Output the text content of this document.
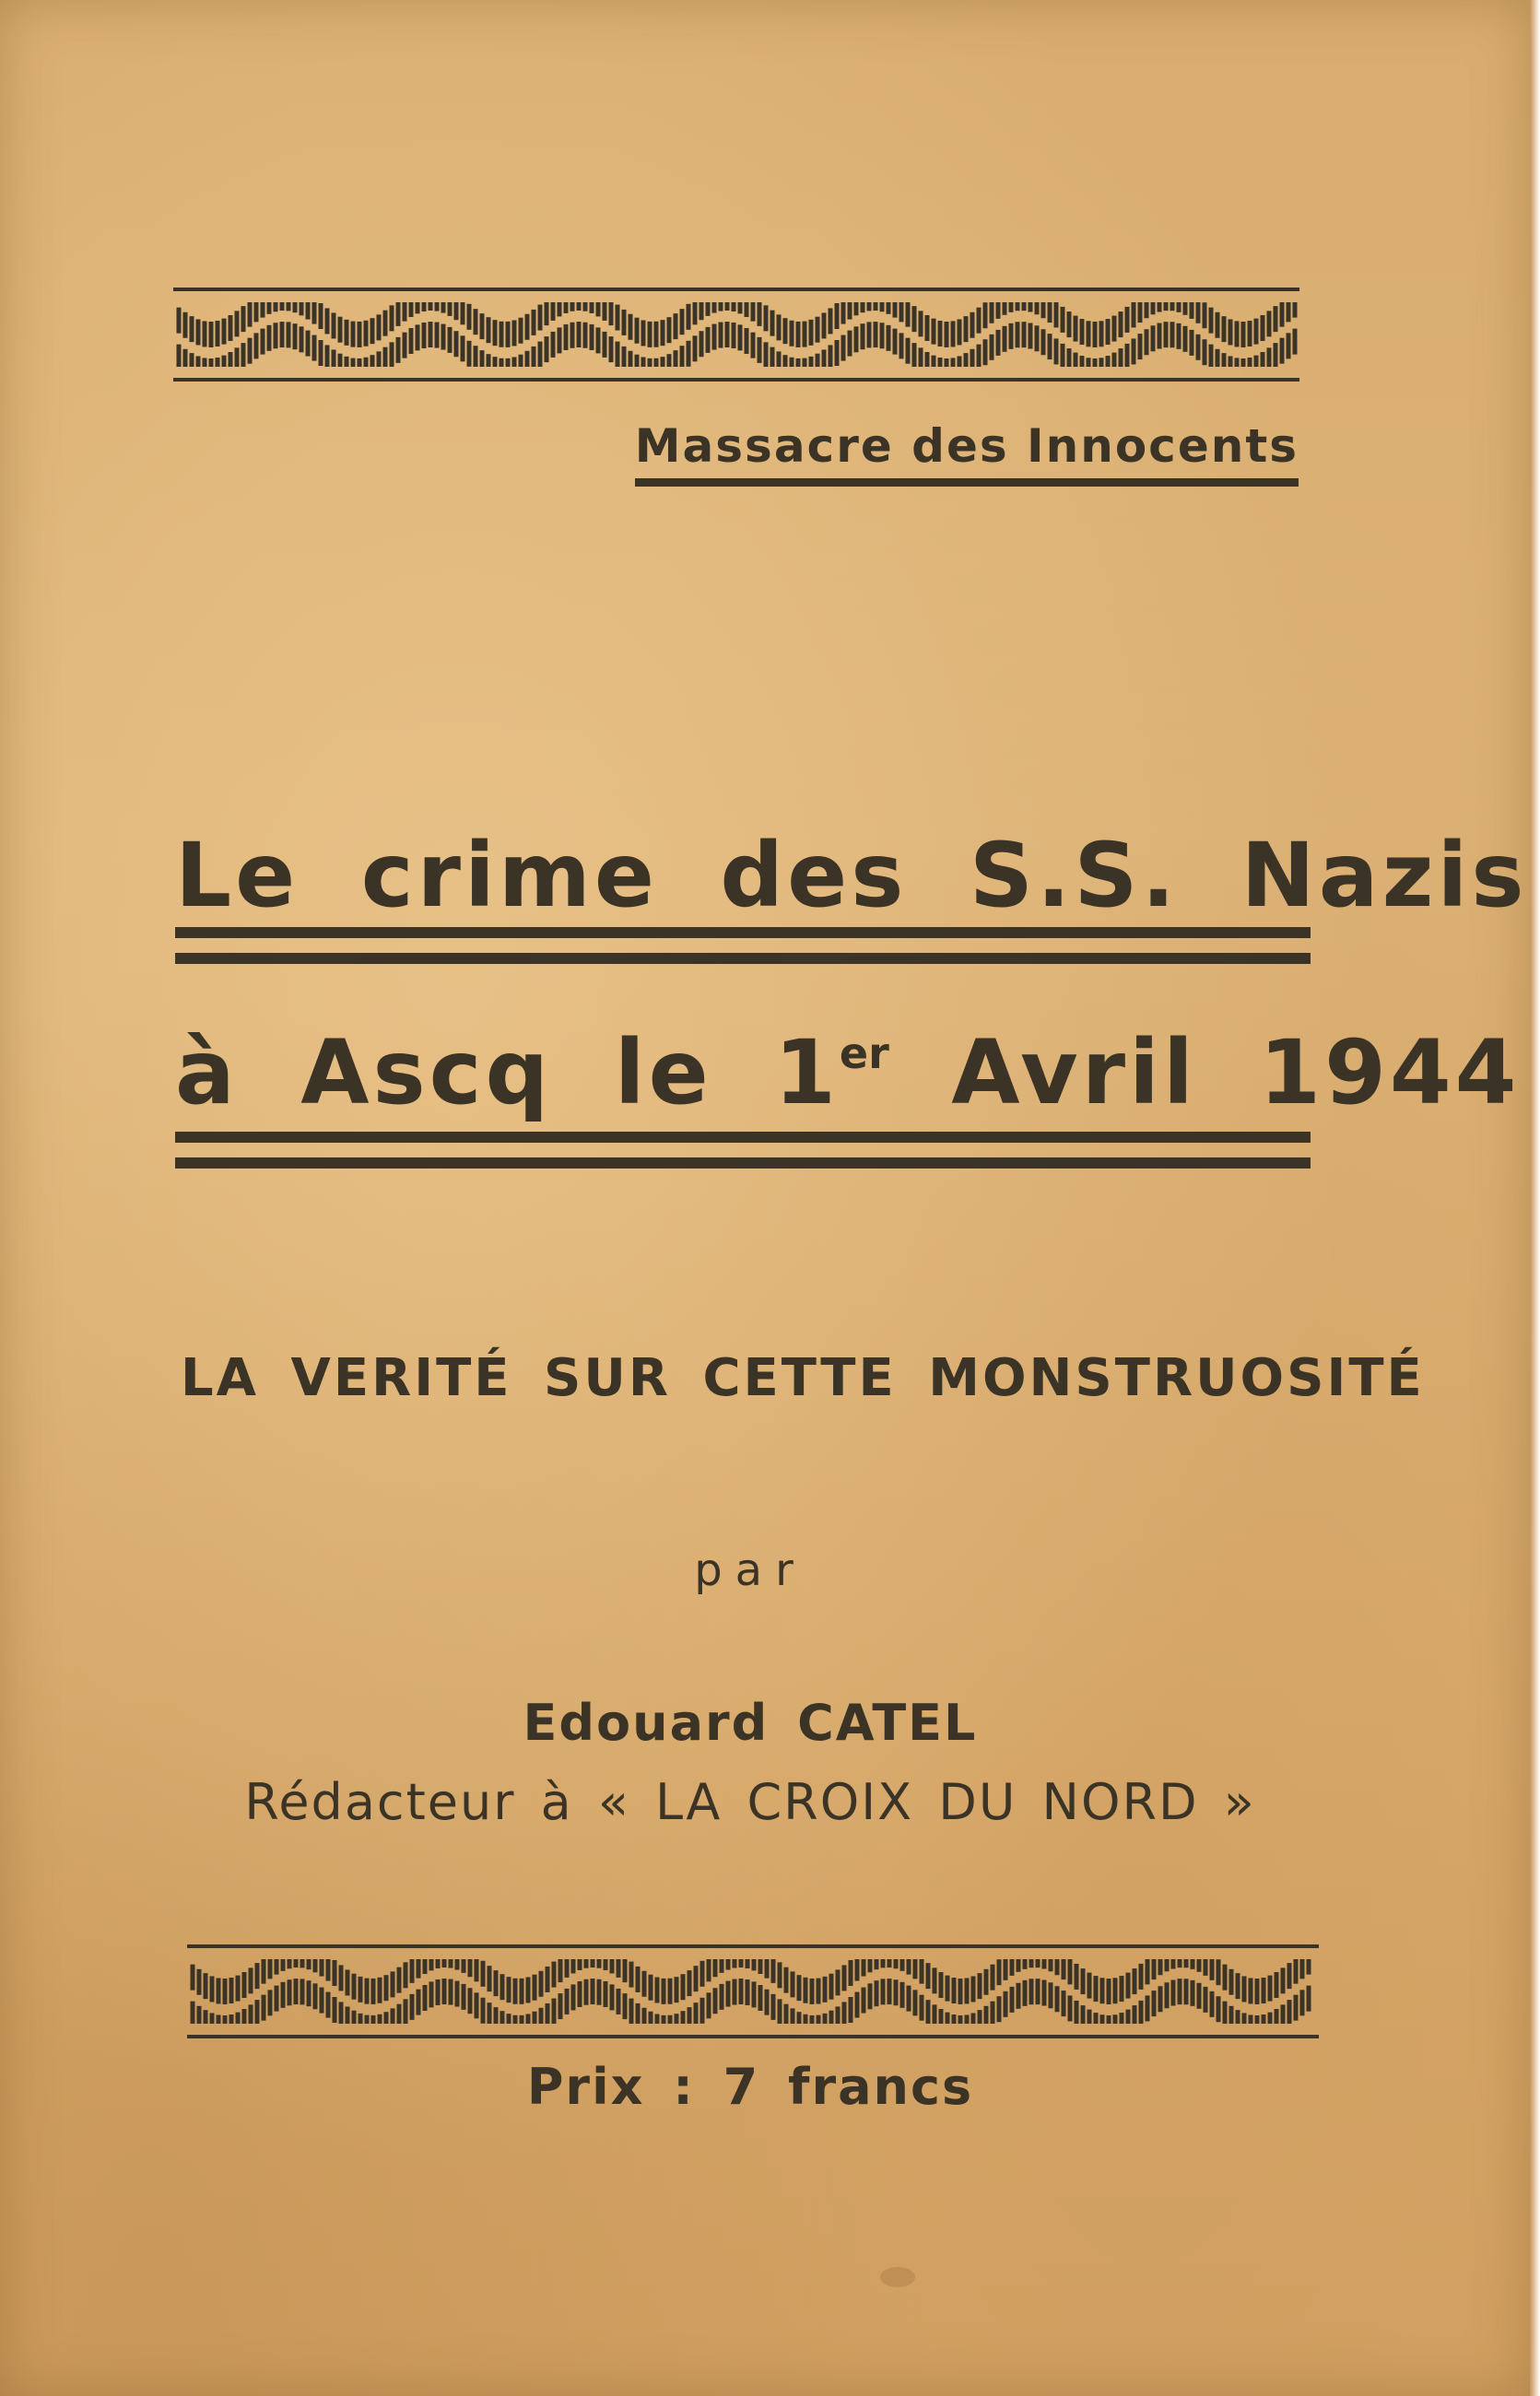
Massacre des Innocents
Le crime des S.S. Nazis
à Ascq le 1er Avril 1944
LA VERITÉ SUR CETTE MONSTRUOSITÉ
par
Edouard CATEL
Rédacteur à « LA CROIX DU NORD »
Prix : 7 francs
